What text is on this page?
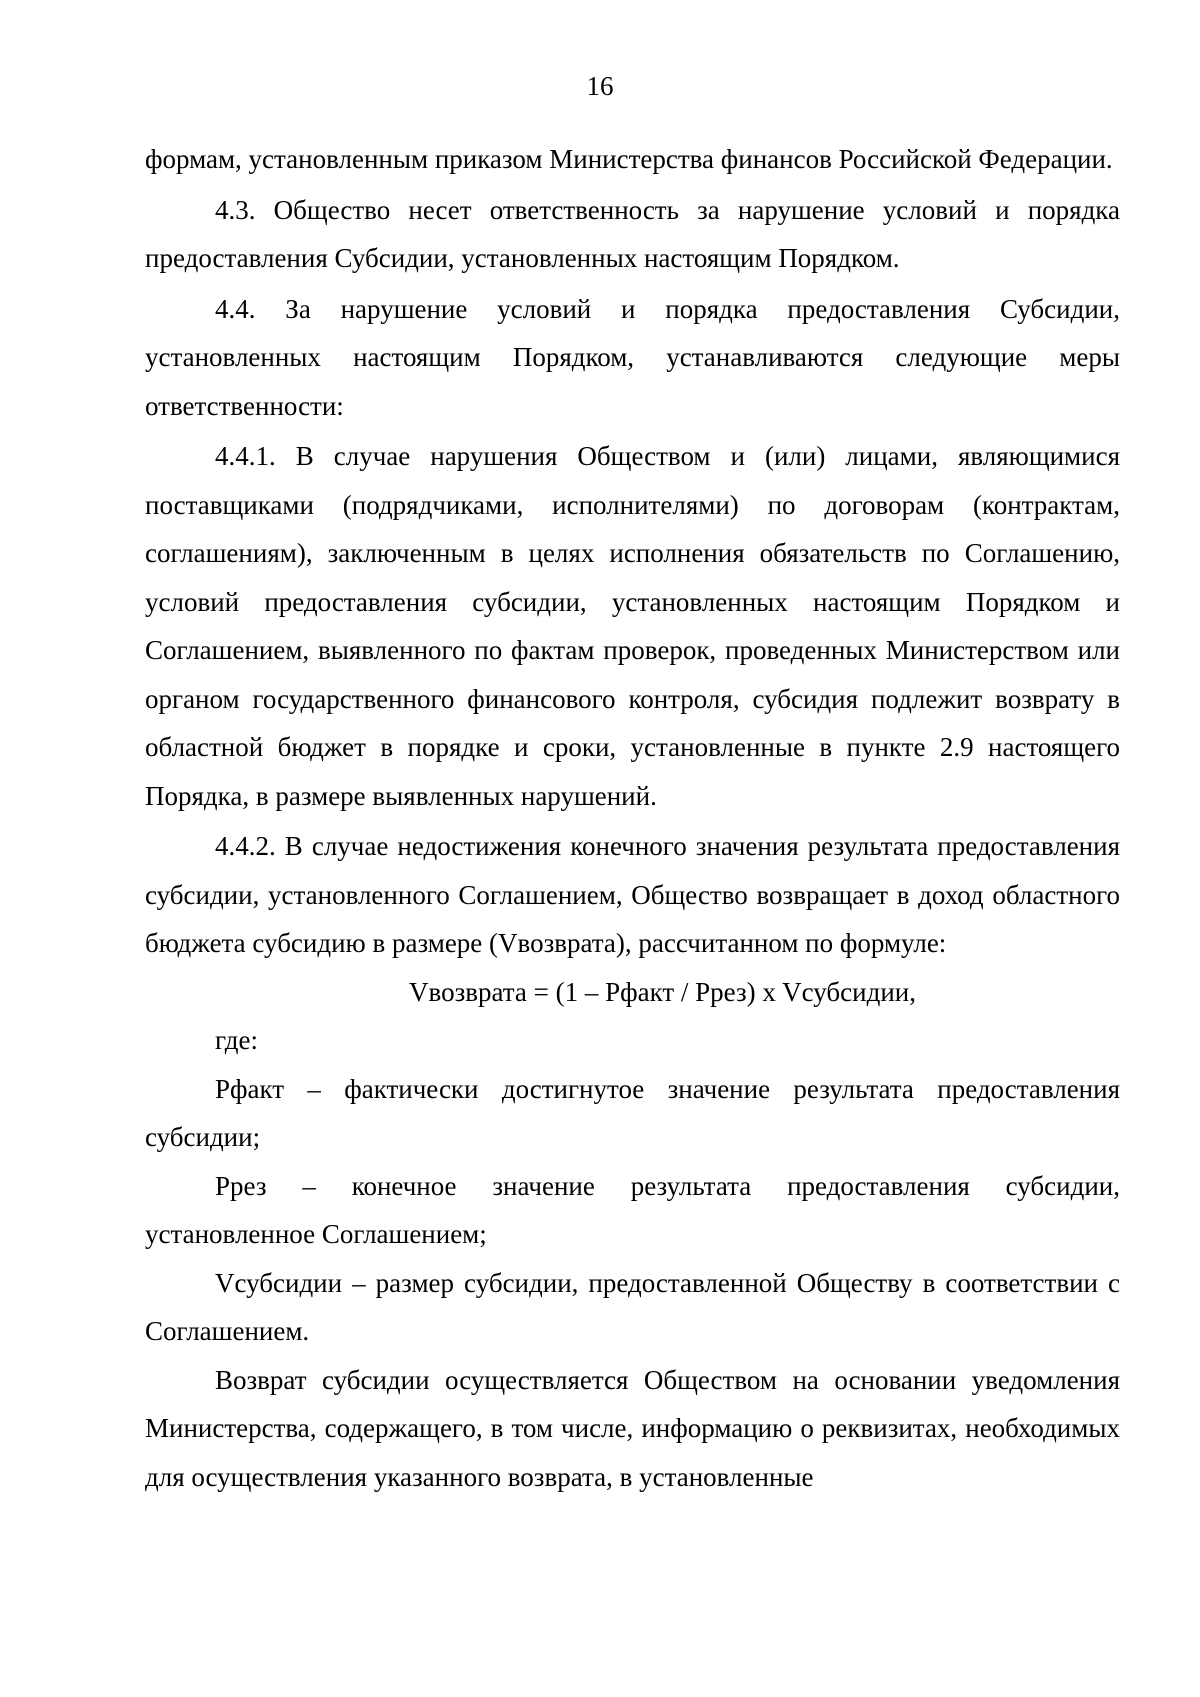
16

формам, установленным приказом Министерства финансов Российской Федерации.

4.3. Общество несет ответственность за нарушение условий и порядка предоставления Субсидии, установленных настоящим Порядком.

4.4. За нарушение условий и порядка предоставления Субсидии, установленных настоящим Порядком, устанавливаются следующие меры ответственности:

4.4.1. В случае нарушения Обществом и (или) лицами, являющимися поставщиками (подрядчиками, исполнителями) по договорам (контрактам, соглашениям), заключенным в целях исполнения обязательств по Соглашению, условий предоставления субсидии, установленных настоящим Порядком и Соглашением, выявленного по фактам проверок, проведенных Министерством или органом государственного финансового контроля, субсидия подлежит возврату в областной бюджет в порядке и сроки, установленные в пункте 2.9 настоящего Порядка, в размере выявленных нарушений.

4.4.2. В случае недостижения конечного значения результата предоставления субсидии, установленного Соглашением, Общество возвращает в доход областного бюджета субсидию в размере (Vвозврата), рассчитанном по формуле:

Vвозврата = (1 – Рфакт / Ррез) x Vсубсидии,

где:

Рфакт – фактически достигнутое значение результата предоставления субсидии;

Ррез – конечное значение результата предоставления субсидии, установленное Соглашением;

Vсубсидии – размер субсидии, предоставленной Обществу в соответствии с Соглашением.

Возврат субсидии осуществляется Обществом на основании уведомления Министерства, содержащего, в том числе, информацию о реквизитах, необходимых для осуществления указанного возврата, в установленные
